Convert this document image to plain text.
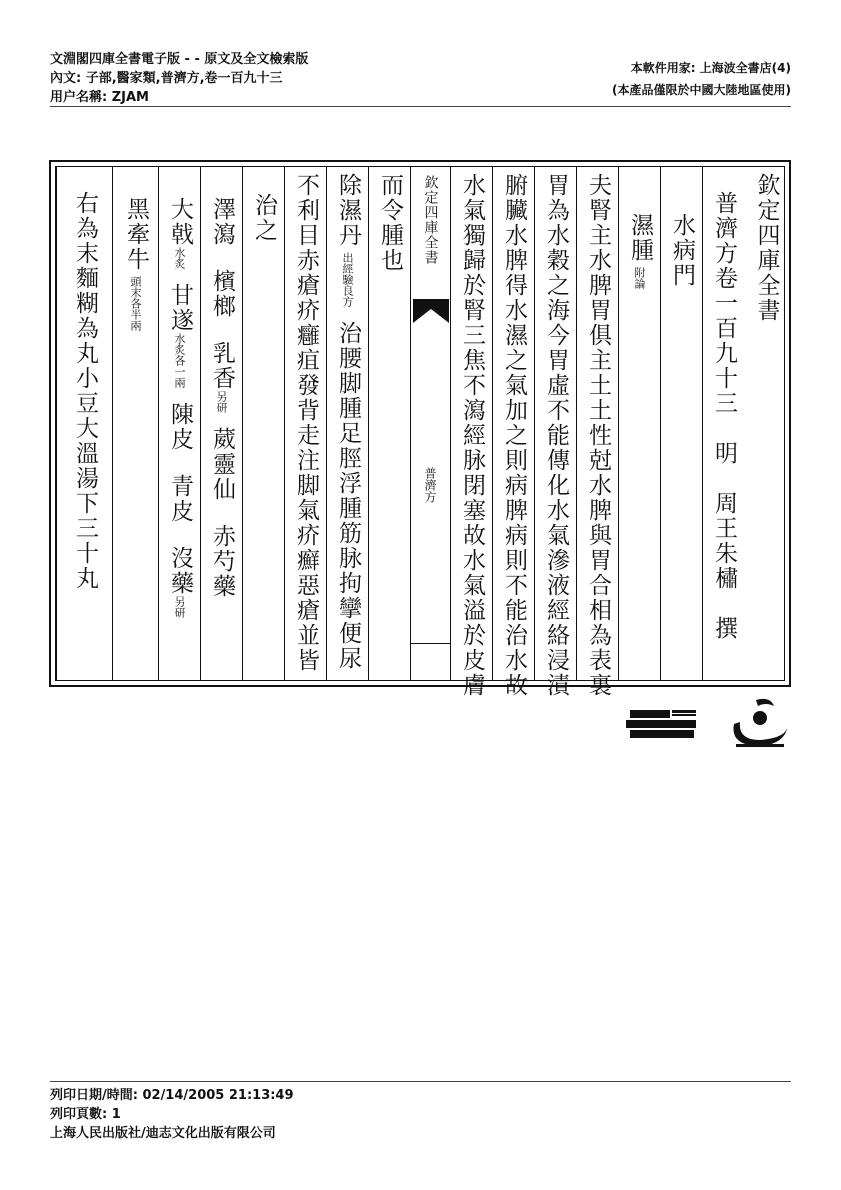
文淵閣四庫全書電子版 - - 原文及全文檢索版
內文: 子部,醫家類,普濟方,卷一百九十三
用户名稱: ZJAM
本軟件用家: 上海波全書店(4)
(本產品僅限於中國大陸地區使用)
欽定四庫全書
普濟方卷一百九十三　明　周王朱橚　撰
水病門
濕腫
附論
夫腎主水脾胃俱主土土性尅水脾與胃合相為表裏
胃為水穀之海今胃虛不能傳化水氣滲液經絡浸漬
腑臟水脾得水濕之氣加之則病脾病則不能治水故
水氣獨歸於腎三焦不瀉經脉閉塞故水氣溢於皮膚
欽定四庫全書
普濟方
而令腫也
除濕丹
出經驗良方
治腰脚腫足脛浮腫筋脉拘攣便尿
不利目赤瘡疥癰疽發背走注脚氣疥癬惡瘡並皆
治之
澤瀉
檳榔
乳香
另研
葳靈仙
赤芍藥
大戟
水炙
甘遂
水炙各一兩
陳皮
青皮
沒藥
另研
黑牽牛
頭末各半兩
右為末麵糊為丸小豆大溫湯下三十丸
列印日期/時間: 02/14/2005 21:13:49
列印頁數: 1
上海人民出版社/迪志文化出版有限公司
